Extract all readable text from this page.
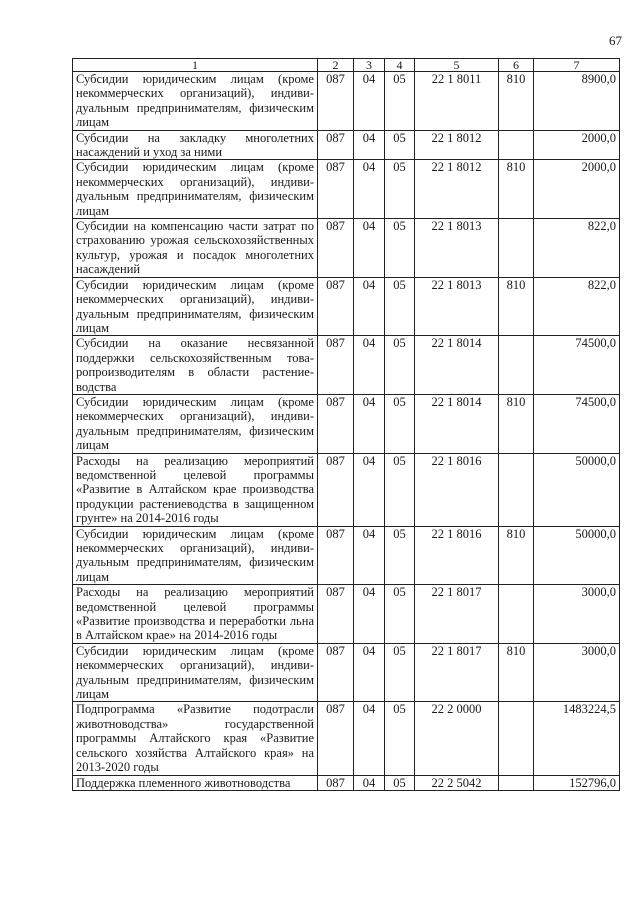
67
1	2	3	4	5	6	7
Субсидии юридическим лицам (кроме некоммерческих организаций), индивидуальным предпринимателям, физическим лицам	087	04	05	22 1 8011	810	8900,0
Субсидии на закладку многолетних насаждений и уход за ними	087	04	05	22 1 8012		2000,0
Субсидии юридическим лицам (кроме некоммерческих организаций), индивидуальным предпринимателям, физическим лицам	087	04	05	22 1 8012	810	2000,0
Субсидии на компенсацию части затрат по страхованию урожая сельскохозяйственных культур, урожая и посадок многолетних насаждений	087	04	05	22 1 8013		822,0
Субсидии юридическим лицам (кроме некоммерческих организаций), индивидуальным предпринимателям, физическим лицам	087	04	05	22 1 8013	810	822,0
Субсидии на оказание несвязанной поддержки сельскохозяйственным товаропроизводителям в области растениеводства	087	04	05	22 1 8014		74500,0
Субсидии юридическим лицам (кроме некоммерческих организаций), индивидуальным предпринимателям, физическим лицам	087	04	05	22 1 8014	810	74500,0
Расходы на реализацию мероприятий ведомственной целевой программы «Развитие в Алтайском крае производства продукции растениеводства в защищенном грунте» на 2014-2016 годы	087	04	05	22 1 8016		50000,0
Субсидии юридическим лицам (кроме некоммерческих организаций), индивидуальным предпринимателям, физическим лицам	087	04	05	22 1 8016	810	50000,0
Расходы на реализацию мероприятий ведомственной целевой программы «Развитие производства и переработки льна в Алтайском крае» на 2014-2016 годы	087	04	05	22 1 8017		3000,0
Субсидии юридическим лицам (кроме некоммерческих организаций), индивидуальным предпринимателям, физическим лицам	087	04	05	22 1 8017	810	3000,0
Подпрограмма «Развитие подотрасли животноводства» государственной программы Алтайского края «Развитие сельского хозяйства Алтайского края» на 2013-2020 годы	087	04	05	22 2 0000		1483224,5
Поддержка племенного животноводства	087	04	05	22 2 5042		152796,0
